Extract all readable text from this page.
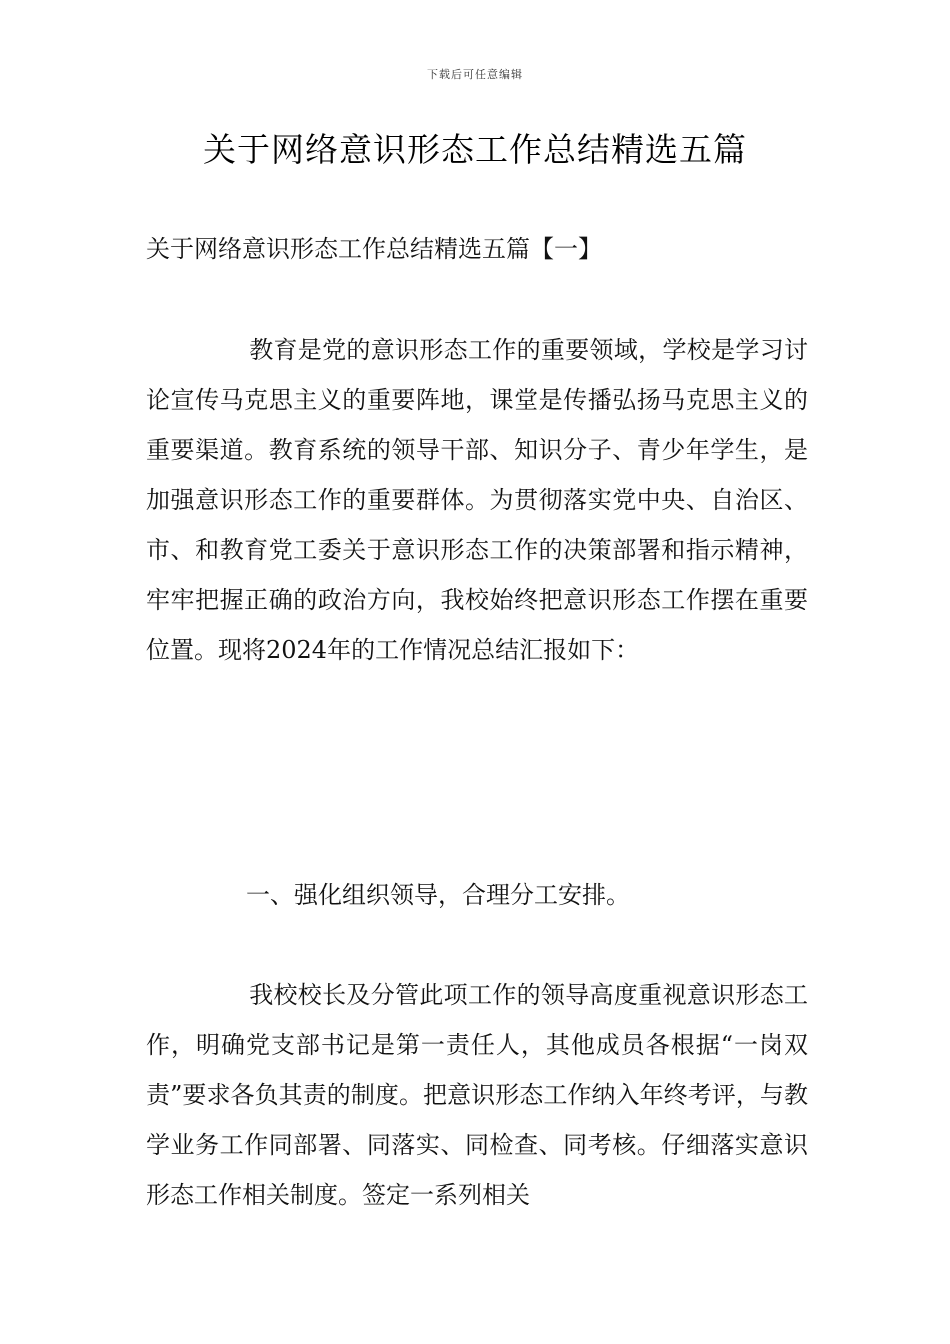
下载后可任意编辑
关于网络意识形态工作总结精选五篇
关于网络意识形态工作总结精选五篇【一】

教育是党的意识形态工作的重要领域，学校是学习讨论宣传马克思主义的重要阵地，课堂是传播弘扬马克思主义的重要渠道。教育系统的领导干部、知识分子、青少年学生，是加强意识形态工作的重要群体。为贯彻落实党中央、自治区、市、和教育党工委关于意识形态工作的决策部署和指示精神，牢牢把握正确的政治方向，我校始终把意识形态工作摆在重要位置。现将2024年的工作情况总结汇报如下：

一、强化组织领导，合理分工安排。

我校校长及分管此项工作的领导高度重视意识形态工作，明确党支部书记是第一责任人，其他成员各根据“一岗双责”要求各负其责的制度。把意识形态工作纳入年终考评，与教学业务工作同部署、同落实、同检查、同考核。仔细落实意识形态工作相关制度。签定一系列相关
